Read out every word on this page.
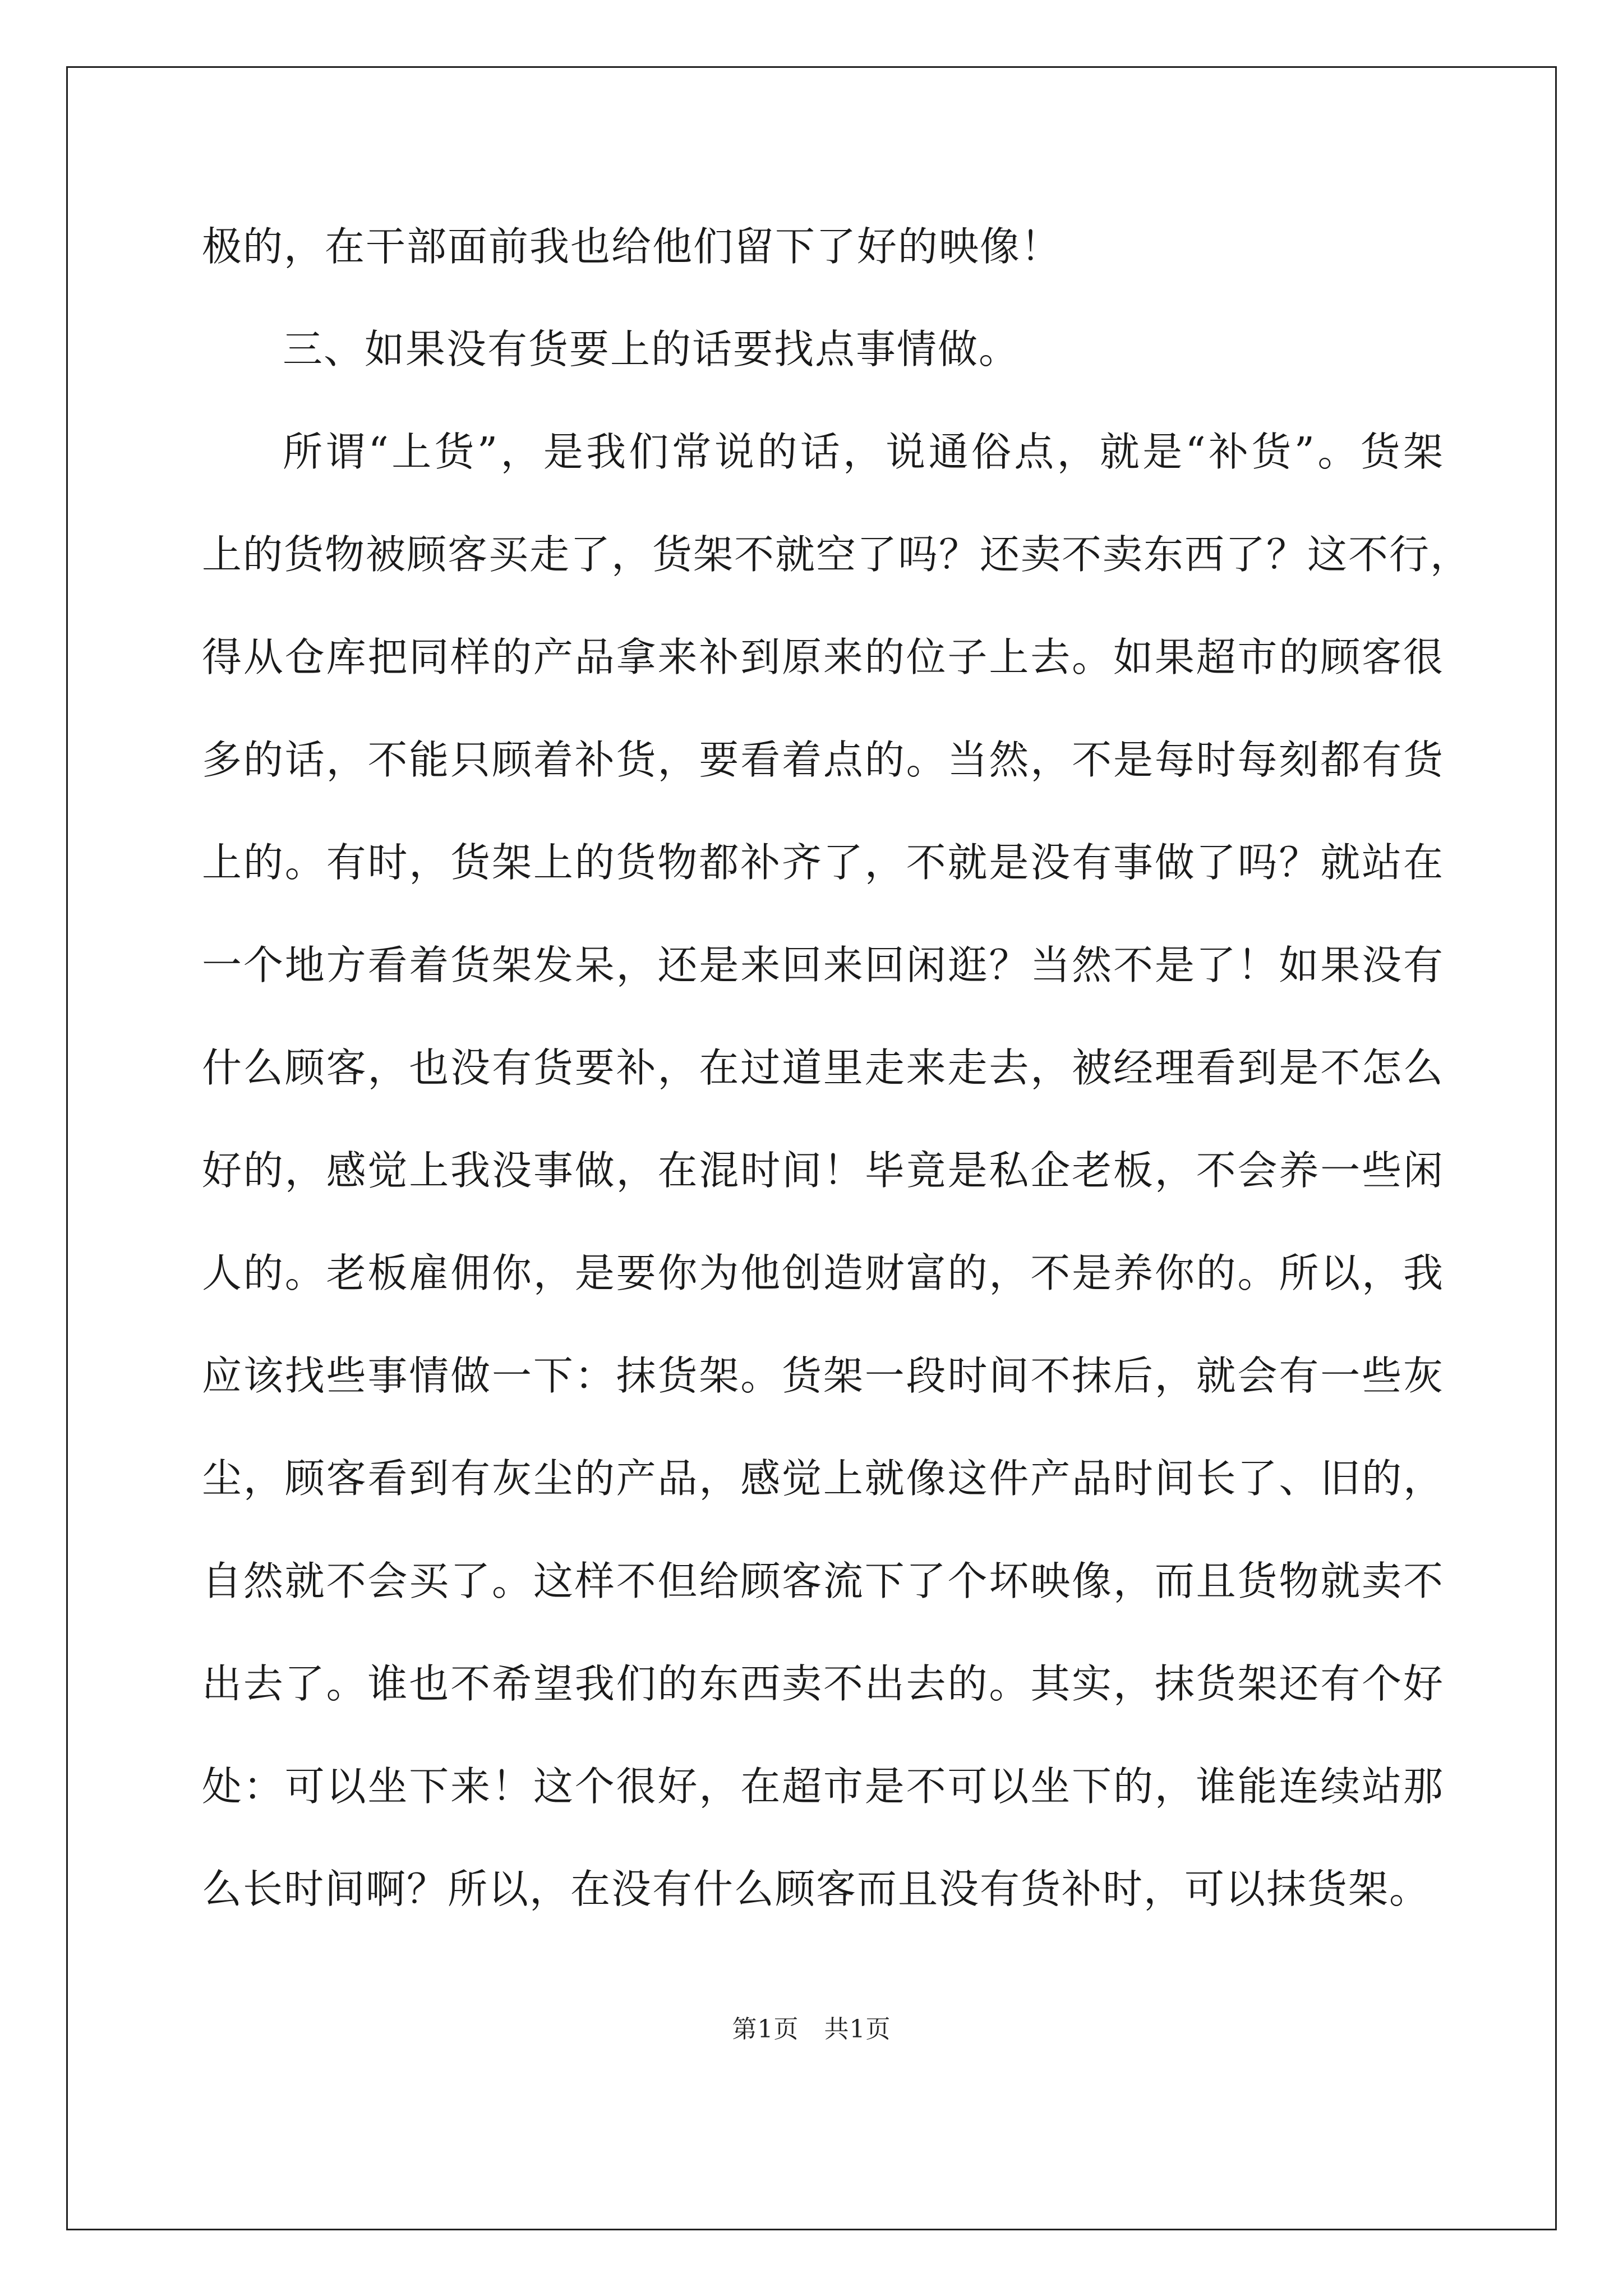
极的，在干部面前我也给他们留下了好的映像！

三、如果没有货要上的话要找点事情做。

所谓“上货”，是我们常说的话，说通俗点，就是“补货”。货架

上的货物被顾客买走了，货架不就空了吗？还卖不卖东西了？这不行，

得从仓库把同样的产品拿来补到原来的位子上去。如果超市的顾客很

多的话，不能只顾着补货，要看着点的。当然，不是每时每刻都有货

上的。有时，货架上的货物都补齐了，不就是没有事做了吗？就站在

一个地方看着货架发呆，还是来回来回闲逛？当然不是了！如果没有

什么顾客，也没有货要补，在过道里走来走去，被经理看到是不怎么

好的，感觉上我没事做，在混时间！毕竟是私企老板，不会养一些闲

人的。老板雇佣你，是要你为他创造财富的，不是养你的。所以，我

应该找些事情做一下：抹货架。货架一段时间不抹后，就会有一些灰

尘，顾客看到有灰尘的产品，感觉上就像这件产品时间长了、旧的，

自然就不会买了。这样不但给顾客流下了个坏映像，而且货物就卖不

出去了。谁也不希望我们的东西卖不出去的。其实，抹货架还有个好

处：可以坐下来！这个很好，在超市是不可以坐下的，谁能连续站那

么长时间啊？所以，在没有什么顾客而且没有货补时，可以抹货架。

第1页　共1页
